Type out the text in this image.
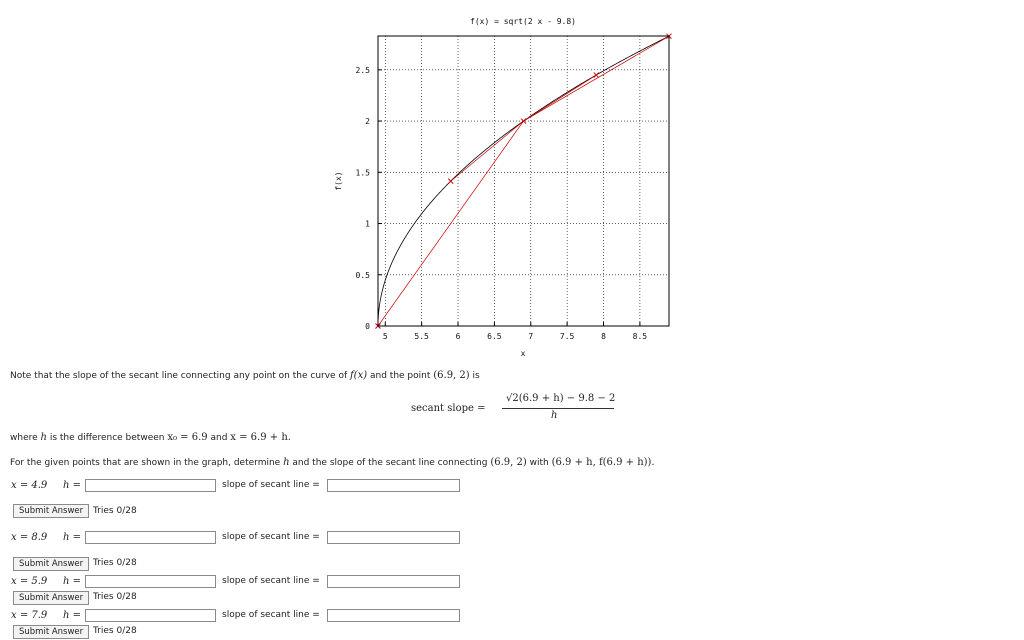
f(x) = sqrt(2 x - 9.8)
x
f(x)
5	5.5	6	6.5	7	7.5	8	8.5
0
0.5
1
1.5
2
2.5
Note that the slope of the secant line connecting any point on the curve of f(x) and the point (6.9, 2) is
secant slope =
√2(6.9 + h) − 9.8 − 2
h
where h is the difference between x₀ = 6.9 and x = 6.9 + h.
For the given points that are shown in the graph, determine h and the slope of the secant line connecting (6.9, 2) with (6.9 + h, f(6.9 + h)).
x = 4.9 h =	slope of secant line =
Submit Answer	Tries 0/28
x = 8.9 h =	slope of secant line =
Submit Answer	Tries 0/28
x = 5.9 h =	slope of secant line =
Submit Answer	Tries 0/28
x = 7.9 h =	slope of secant line =
Submit Answer	Tries 0/28
